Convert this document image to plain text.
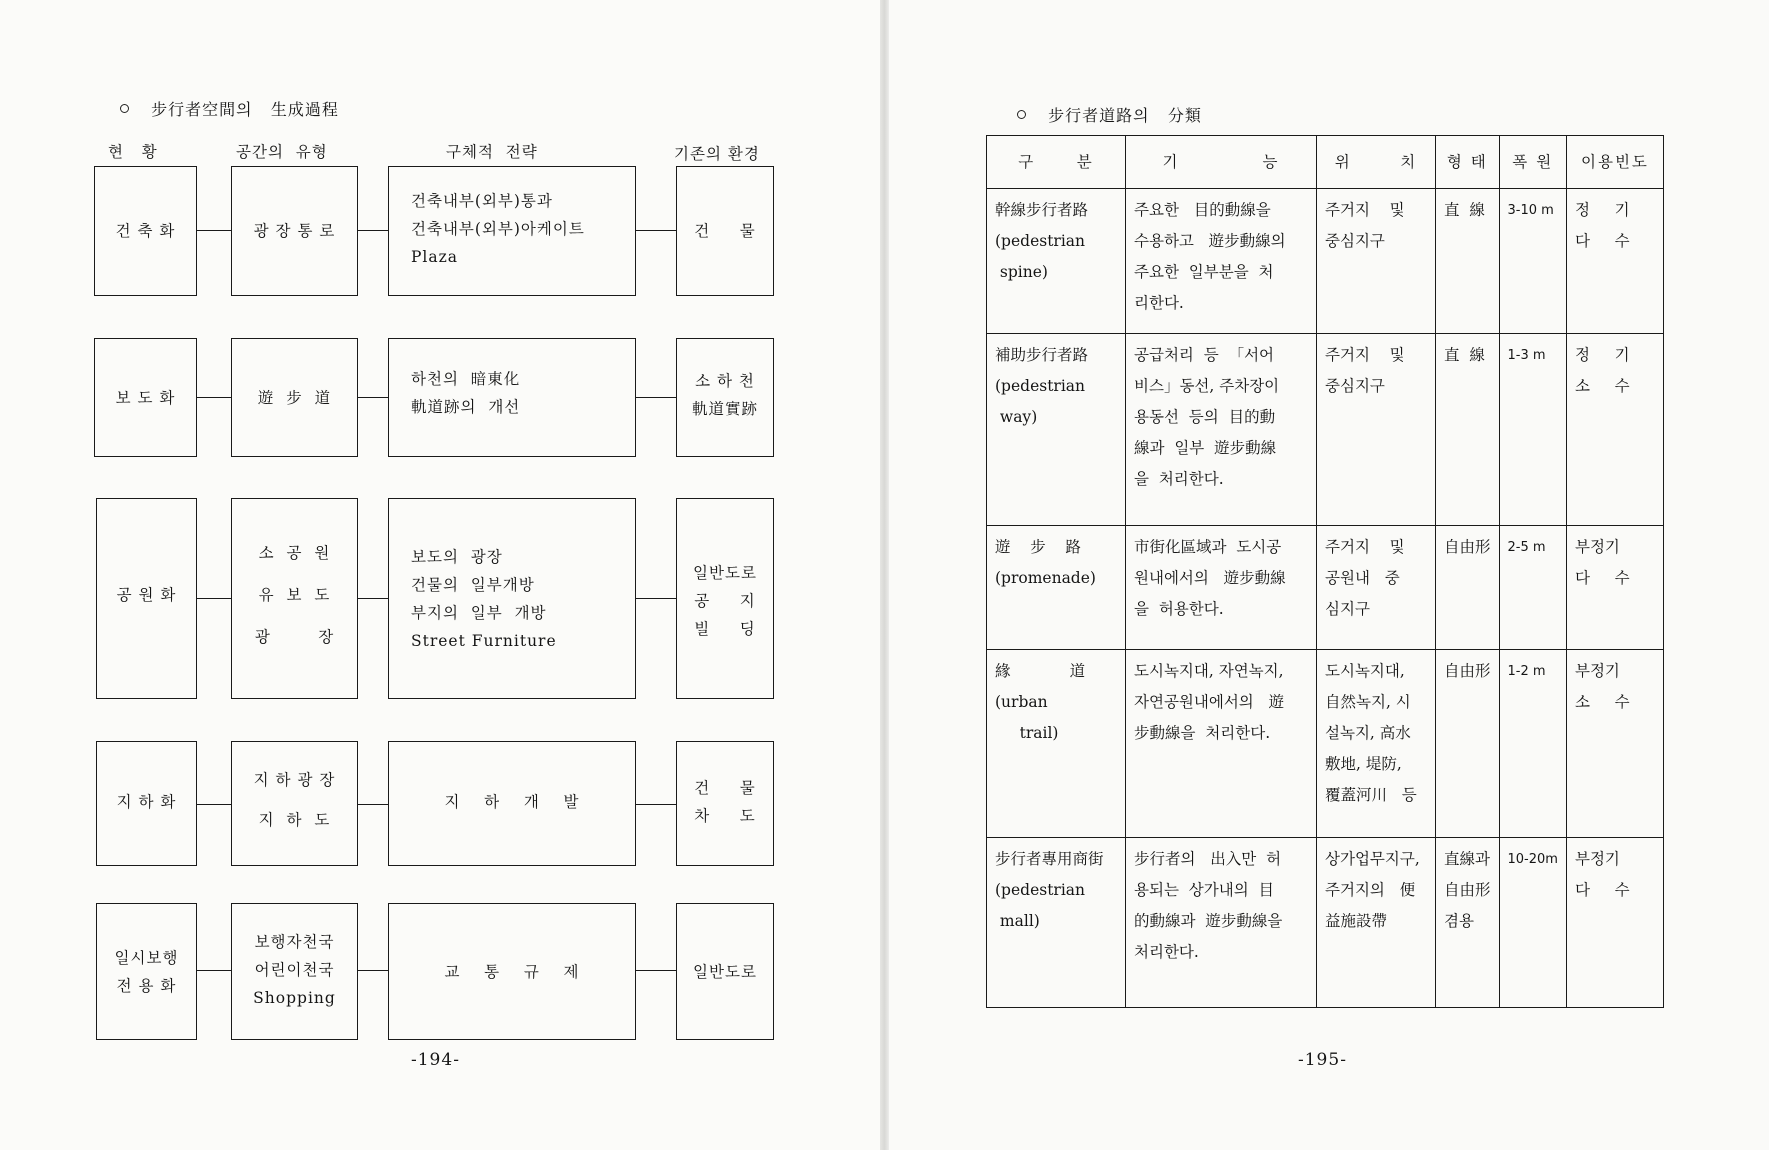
步行者空間의   生成過程

현   황	공간의  유형	구체적  전략	기존의 환경
건 축 화	광 장 통 로
건축내부(외부)통과
건축내부(외부)아케이트
Plaza
건     물
보 도 화	遊  步  道
하천의  暗東化
軌道跡의  개선
소 하 천
軌道實跡
공 원 화
소  공  원

유  보  도

광        장
보도의  광장
건물의  일부개방
부지의  일부  개방
Street Furniture
일반도로
공     지
빌     딩
지 하 화
지 하 광 장

지  하  도
지    하    개    발
건     물
차     도
일시보행
전 용 화
보행자천국
어린이천국
Shopping
교    통    규    제	일반도로
-194-

步行者道路의   分類

구      분	기            능	위       치	형 태	폭 원	이용빈도
幹線步行者路
(pedestrian
spine)	주요한   目的動線을
수용하고   遊步動線의
주요한  일부분을  처
리한다.	주거지    및
중심지구	直  線	3-10 m	정     기
다     수
補助步行者路
(pedestrian
way)	공급처리  등  「서어
비스」동선, 주차장이
용동선  등의  目的動
線과  일부  遊步動線
을  처리한다.	주거지    및
중심지구	直  線	1-3 m	정     기
소     수
遊    步    路
(promenade)	市街化區域과  도시공
원내에서의   遊步動線
을  허용한다.	주거지    및
공원내   중
심지구	自由形	2-5 m	부정기
다     수
緣            道
(urban
trail)	도시녹지대, 자연녹지,
자연공원내에서의   遊
步動線을  처리한다.	도시녹지대,
自然녹지, 시
설녹지, 高水
敷地, 堤防,
覆蓋河川   등	自由形	1-2 m	부정기
소     수
步行者專用商街
(pedestrian
mall)	步行者의   出入만  허
용되는  상가내의  目
的動線과  遊步動線을
처리한다.	상가업무지구,
주거지의   便
益施設帶	直線과
自由形
겸용	10-20m	부정기
다     수
-195-
